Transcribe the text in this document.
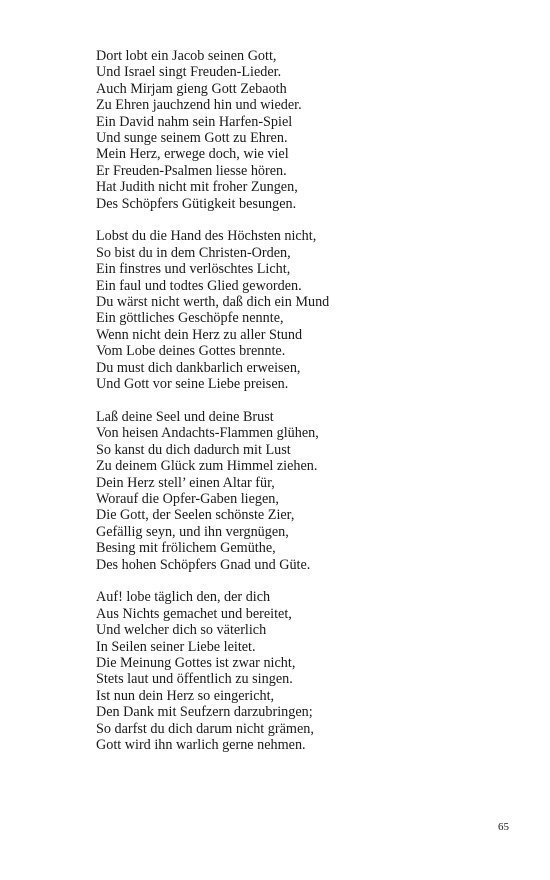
Dort lobt ein Jacob seinen Gott,
Und Israel singt Freuden-Lieder.
Auch Mirjam gieng Gott Zebaoth
Zu Ehren jauchzend hin und wieder.
Ein David nahm sein Harfen-Spiel
Und sunge seinem Gott zu Ehren.
Mein Herz, erwege doch, wie viel
Er Freuden-Psalmen liesse hören.
Hat Judith nicht mit froher Zungen,
Des Schöpfers Gütigkeit besungen.
Lobst du die Hand des Höchsten nicht,
So bist du in dem Christen-Orden,
Ein finstres und verlöschtes Licht,
Ein faul und todtes Glied geworden.
Du wärst nicht werth, daß dich ein Mund
Ein göttliches Geschöpfe nennte,
Wenn nicht dein Herz zu aller Stund
Vom Lobe deines Gottes brennte.
Du must dich dankbarlich erweisen,
Und Gott vor seine Liebe preisen.
Laß deine Seel und deine Brust
Von heisen Andachts-Flammen glühen,
So kanst du dich dadurch mit Lust
Zu deinem Glück zum Himmel ziehen.
Dein Herz stell’ einen Altar für,
Worauf die Opfer-Gaben liegen,
Die Gott, der Seelen schönste Zier,
Gefällig seyn, und ihn vergnügen,
Besing mit frölichem Gemüthe,
Des hohen Schöpfers Gnad und Güte.
Auf! lobe täglich den, der dich
Aus Nichts gemachet und bereitet,
Und welcher dich so väterlich
In Seilen seiner Liebe leitet.
Die Meinung Gottes ist zwar nicht,
Stets laut und öffentlich zu singen.
Ist nun dein Herz so eingericht,
Den Dank mit Seufzern darzubringen;
So darfst du dich darum nicht grämen,
Gott wird ihn warlich gerne nehmen.
65
